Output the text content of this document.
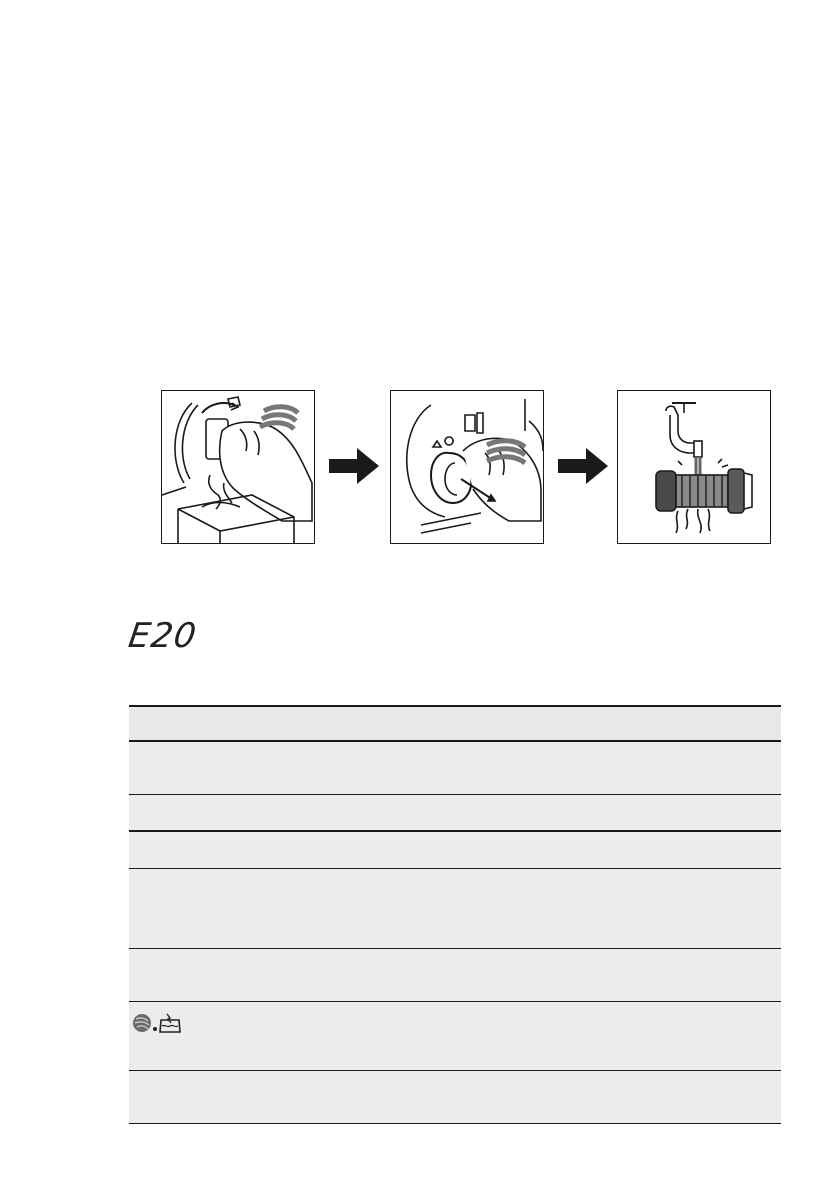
E20
